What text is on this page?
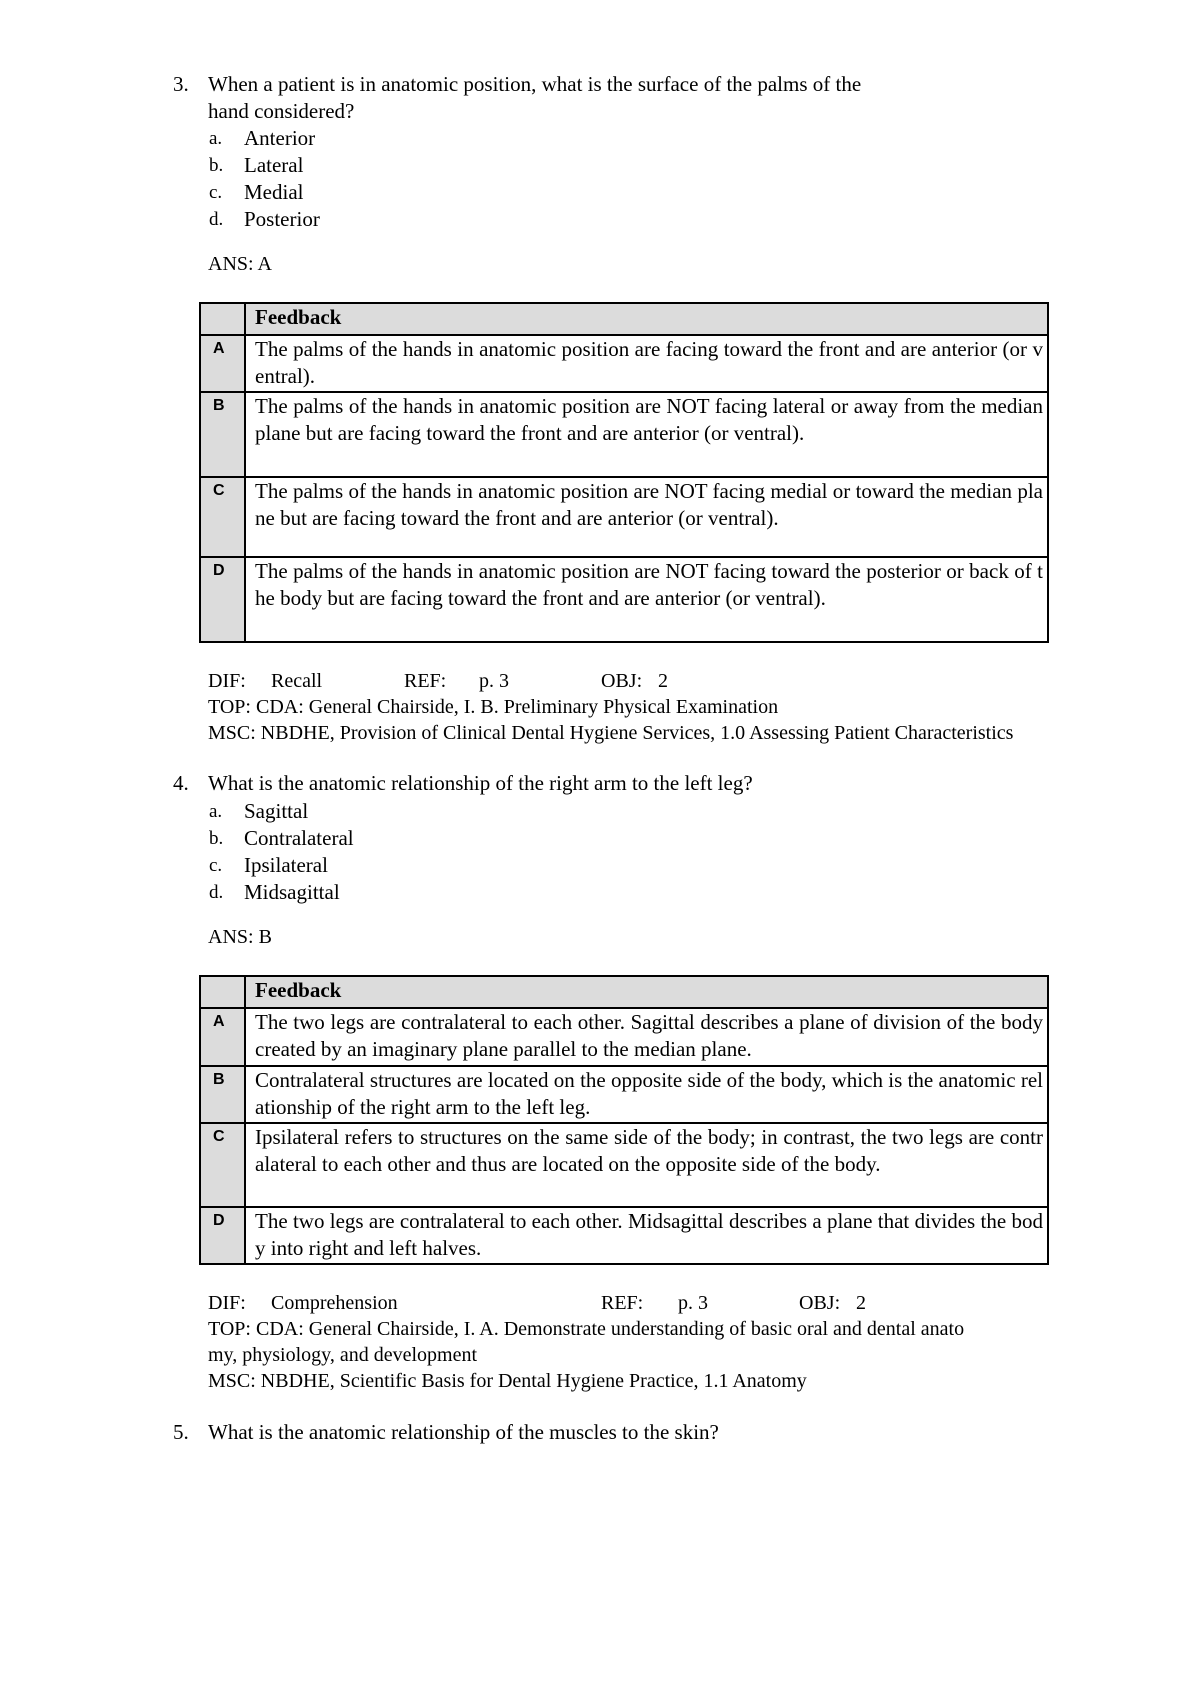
3. When a patient is in anatomic position, what is the surface of the palms of the
hand considered?
a. Anterior
b. Lateral
c. Medial
d. Posterior
ANS: A
	Feedback
A	The palms of the hands in anatomic position are facing toward the front and are anterior (or ventral).
B	The palms of the hands in anatomic position are NOT facing lateral or away from the median plane but are facing toward the front and are anterior (or ventral).
C	The palms of the hands in anatomic position are NOT facing medial or toward the median plane but are facing toward the front and are anterior (or ventral).
D	The palms of the hands in anatomic position are NOT facing toward the posterior or back of the body but are facing toward the front and are anterior (or ventral).
DIF: Recall	REF: p. 3	OBJ: 2
TOP: CDA: General Chairside, I. B. Preliminary Physical Examination
MSC: NBDHE, Provision of Clinical Dental Hygiene Services, 1.0 Assessing Patient Characteristics
4. What is the anatomic relationship of the right arm to the left leg?
a. Sagittal
b. Contralateral
c. Ipsilateral
d. Midsagittal
ANS: B
	Feedback
A	The two legs are contralateral to each other. Sagittal describes a plane of division of the body created by an imaginary plane parallel to the median plane.
B	Contralateral structures are located on the opposite side of the body, which is the anatomic relationship of the right arm to the left leg.
C	Ipsilateral refers to structures on the same side of the body; in contrast, the two legs are contralateral to each other and thus are located on the opposite side of the body.
D	The two legs are contralateral to each other. Midsagittal describes a plane that divides the body into right and left halves.
DIF: Comprehension	REF: p. 3	OBJ: 2
TOP: CDA: General Chairside, I. A. Demonstrate understanding of basic oral and dental anato
my, physiology, and development
MSC: NBDHE, Scientific Basis for Dental Hygiene Practice, 1.1 Anatomy
5. What is the anatomic relationship of the muscles to the skin?
